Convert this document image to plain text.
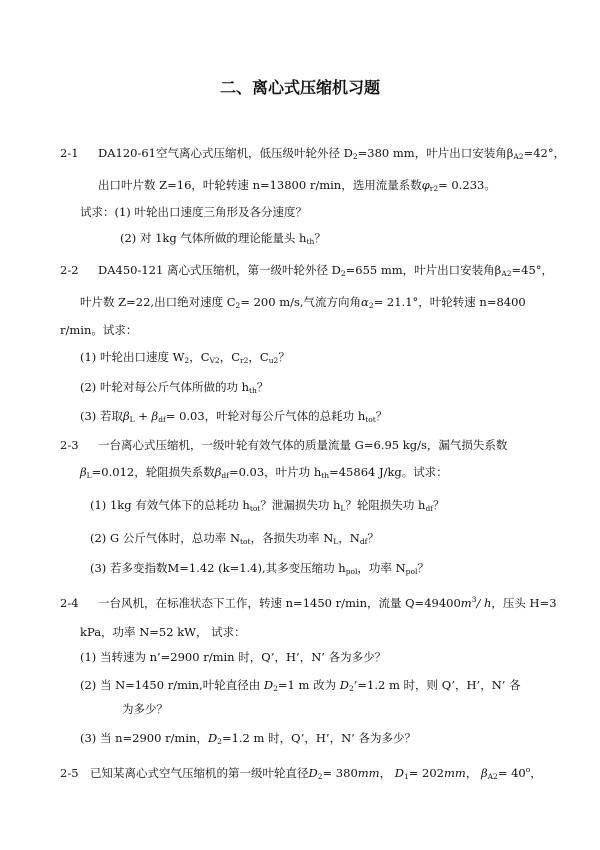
二、离心式压缩机习题
2-1 DA120-61空气离心式压缩机，低压级叶轮外径 $D_2=380$ mm，叶片出口安装角$\beta_{A2}=42^\circ$，
出口叶片数 Z=16，叶轮转速 n=13800 r/min，选用流量系数$\varphi_{r2}= 0.233$。
试求：(1) 叶轮出口速度三角形及各分速度？
(2) 对 1kg 气体所做的理论能量头 $h_{th}$？
2-2 DA450-121 离心式压缩机，第一级叶轮外径 $D_2=655$ mm，叶片出口安装角$\beta_{A2}=45^\circ$，
叶片数 Z=22,出口绝对速度 $C_2= 200$ m/s,气流方向角$\alpha_2= 21.1^\circ$，叶轮转速 n=8400
r/min。试求：
(1) 叶轮出口速度 $W_2$，$C_{V2}$，$C_{r2}$，$C_{u2}$？
(2) 叶轮对每公斤气体所做的功 $h_{th}$？
(3) 若取$\beta_L + \beta_{df}= 0.03$，叶轮对每公斤气体的总耗功 $h_{tot}$？
2-3 一台离心式压缩机，一级叶轮有效气体的质量流量 G=6.95 kg/s，漏气损失系数
$\beta_L=0.012$，轮阻损失系数$\beta_{df}=0.03$，叶片功 $h_{th}=45864$ J/kg。试求：
(1) 1kg 有效气体下的总耗功 $h_{tot}$？泄漏损失功 $h_L$？轮阻损失功 $h_{df}$？
(2) G 公斤气体时，总功率 $N_{tot}$，各损失功率 $N_L$，$N_{df}$？
(3) 若多变指数M=1.42 (k=1.4),其多变压缩功 $h_{pol}$，功率 $N_{pol}$？
2-4 一台风机，在标准状态下工作，转速 n=1450 r/min，流量 $Q=49400m^3/$ h，压头 H=3
kPa，功率 N=52 kW， 试求：
(1) 当转速为 n’=2900 r/min 时，Q’，H’，N’ 各为多少？
(2) 当 N=1450 r/min,叶轮直径由 $D_2=1$ m 改为 $D_2’=1.2$ m 时，则 Q’，H’，N’ 各
为多少？
(3) 当 n=2900 r/min，$D_2=1.2$ m 时，Q’，H’，N’ 各为多少？
2-5 已知某离心式空气压缩机的第一级叶轮直径$D_2= 380mm$， $D_1= 202mm$， $\beta_{A2}= 40^o$，
